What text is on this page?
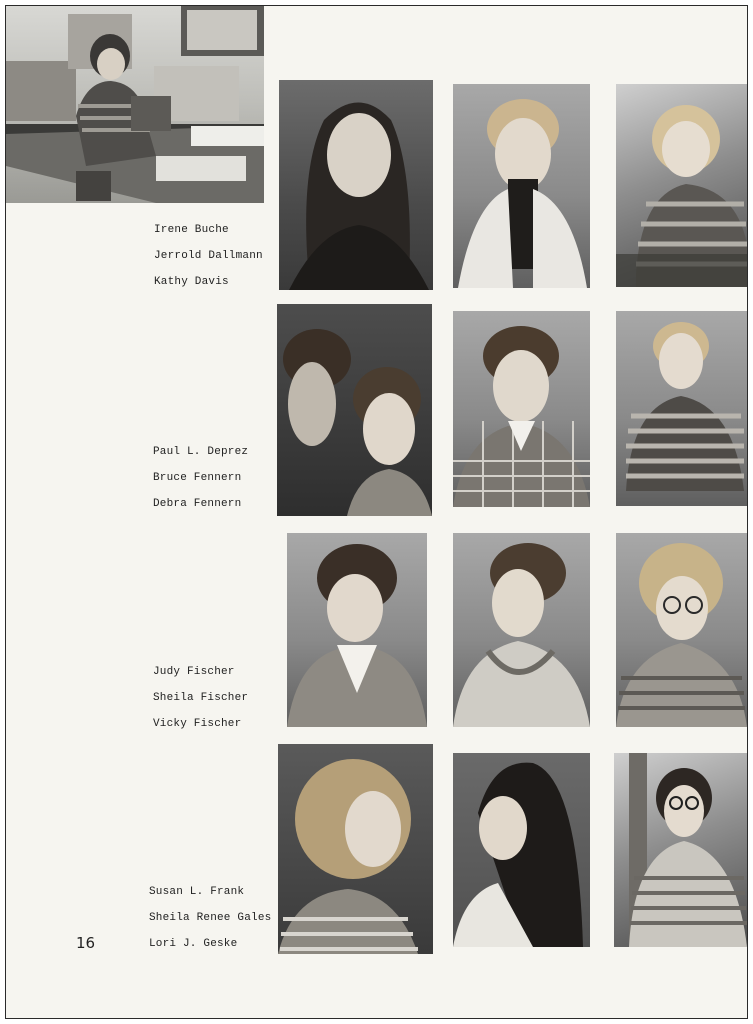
Irene Buche
Jerrold Dallmann
Kathy Davis
Paul L. Deprez
Bruce Fennern
Debra Fennern
Judy Fischer
Sheila Fischer
Vicky Fischer
Susan L. Frank
Sheila Renee Gales
Lori J. Geske
16
